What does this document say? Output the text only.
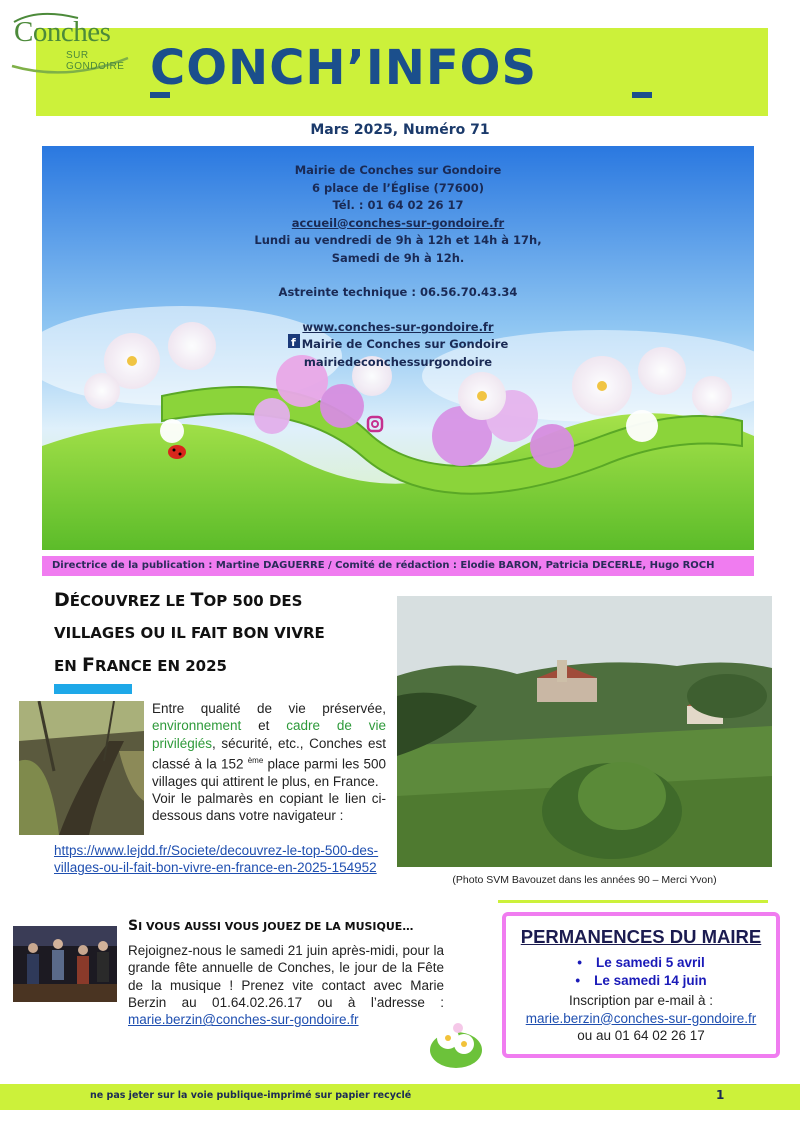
Conches
SUR GONDOIRE CONCH’INFOS
Mars 2025, Numéro 71
f
Mairie de Conches sur Gondoire
6 place de l’Église (77600)
Tél. : 01 64 02 26 17
accueil@conches-sur-gondoire.fr
Lundi au vendredi de 9h à 12h et 14h à 17h,
Samedi de 9h à 12h.
Astreinte technique : 06.56.70.43.34
www.conches-sur-gondoire.fr
Mairie de Conches sur Gondoire
mairiedeconchessurgondoire
Directrice de la publication : Martine DAGUERRE / Comité de rédaction : Elodie BARON, Patricia DECERLE, Hugo ROCH
DÉCOUVREZ LE TOP 500 DES
VILLAGES OU IL FAIT BON VIVRE
EN FRANCE EN 2025
Entre qualité de vie préservée, environnement et cadre de vie privilégiés, sécurité, etc., Conches est classé à la 152 $^{ème}$ place parmi les 500 villages qui attirent le plus, en France.
Voir le palmarès en copiant le lien ci-dessous dans votre navigateur :
https://www.lejdd.fr/Societe/decouvrez-le-top-500-des-villages-ou-il-fait-bon-vivre-en-france-en-2025-154952
(Photo SVM Bavouzet dans les années 90 – Merci Yvon)
SI VOUS AUSSI VOUS JOUEZ DE LA MUSIQUE…
Rejoignez-nous le samedi 21 juin après-midi, pour la grande fête annuelle de Conches, le jour de la Fête de la musique ! Prenez vite contact avec Marie Berzin au 01.64.02.26.17 ou à l’adresse : marie.berzin@conches-sur-gondoire.fr
PERMANENCES DU MAIRE
• Le samedi 5 avril
• Le samedi 14 juin
Inscription par e-mail à :
marie.berzin@conches-sur-gondoire.fr
ou au 01 64 02 26 17
ne pas jeter sur la voie publique-imprimé sur papier recyclé	1
